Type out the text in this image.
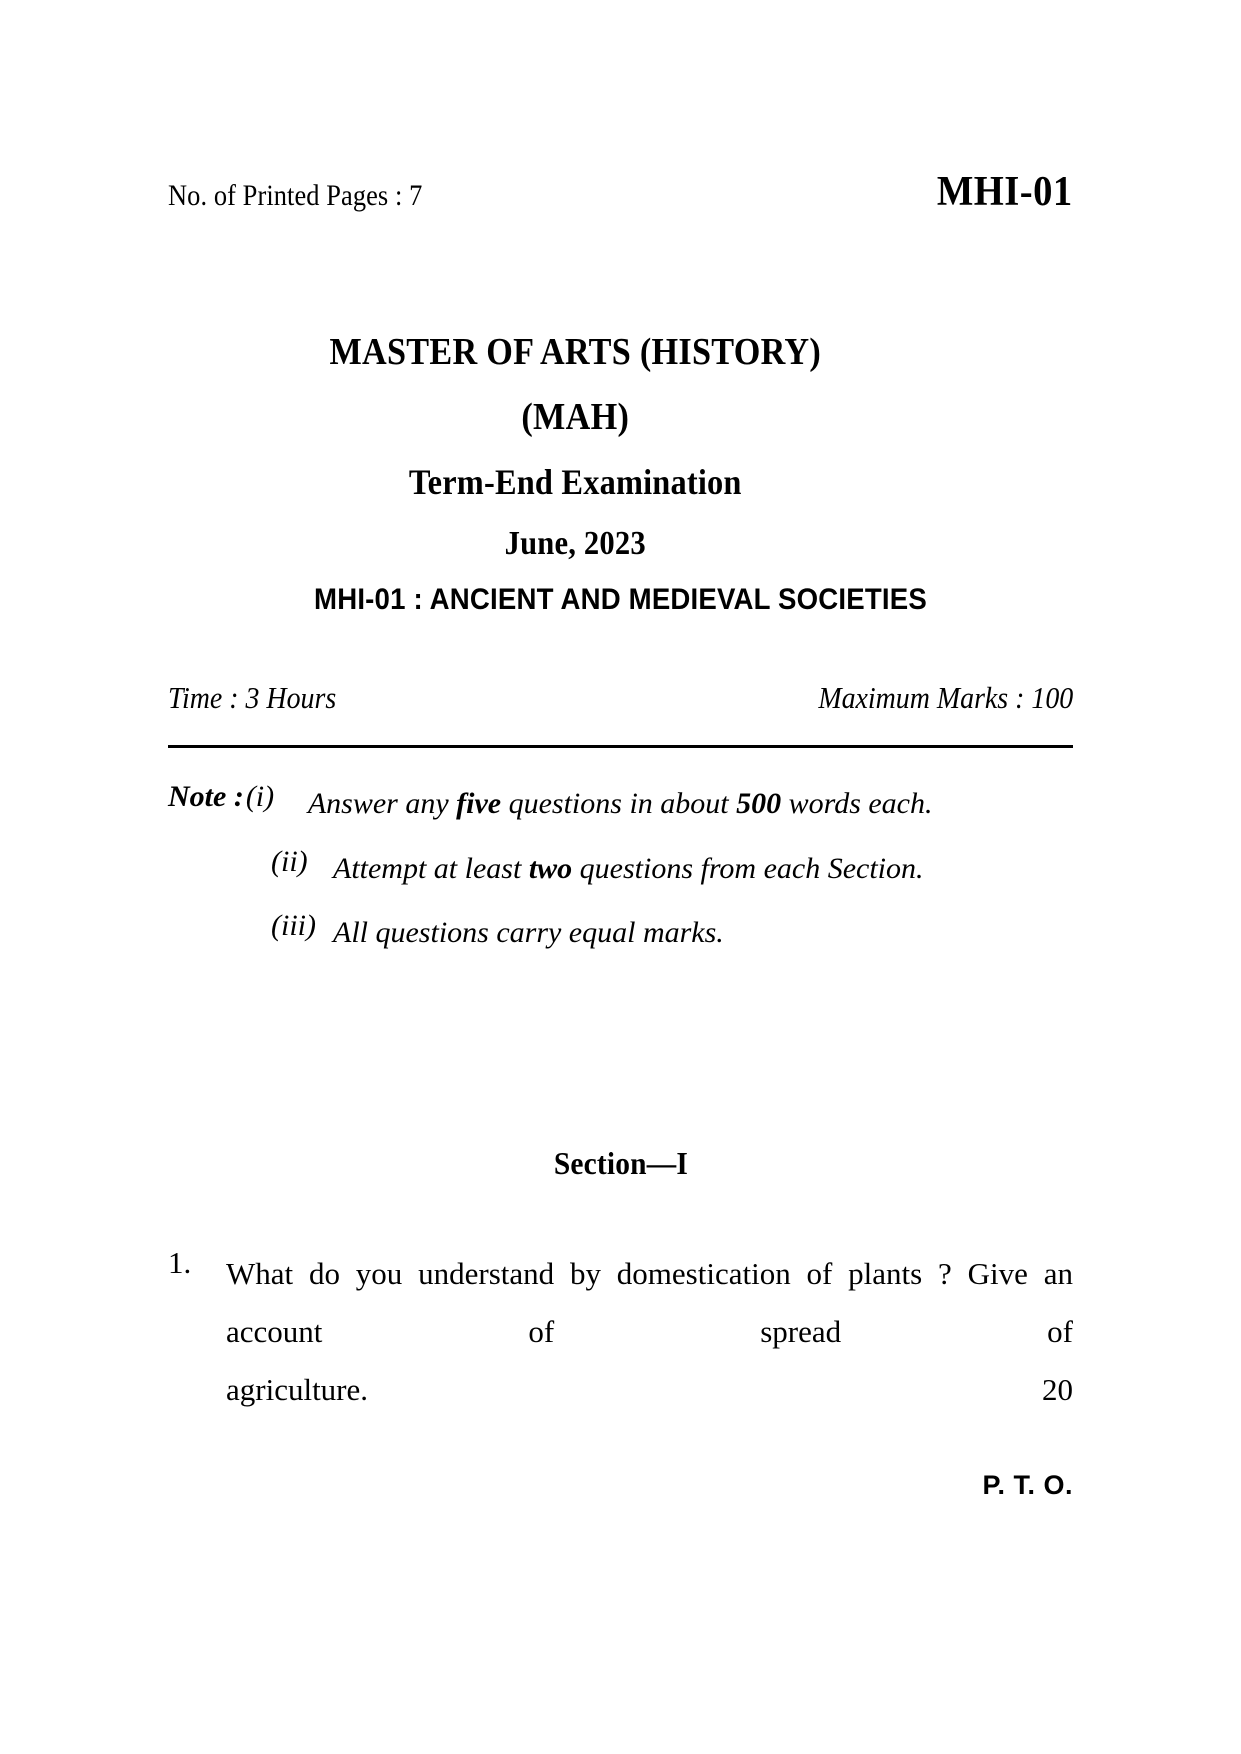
No. of Printed Pages : 7	MHI-01
MASTER OF ARTS (HISTORY)
(MAH)
Term-End Examination
June, 2023
MHI-01 : ANCIENT AND MEDIEVAL SOCIETIES
Time : 3 Hours	Maximum Marks : 100
Note : (i)	Answer any five questions in about 500 words each.
(ii) Attempt at least two questions from each Section.
(iii) All questions carry equal marks.
Section—I
1.	What do you understand by domestication of plants ? Give an account of spread of
agriculture.	20
P. T. O.
